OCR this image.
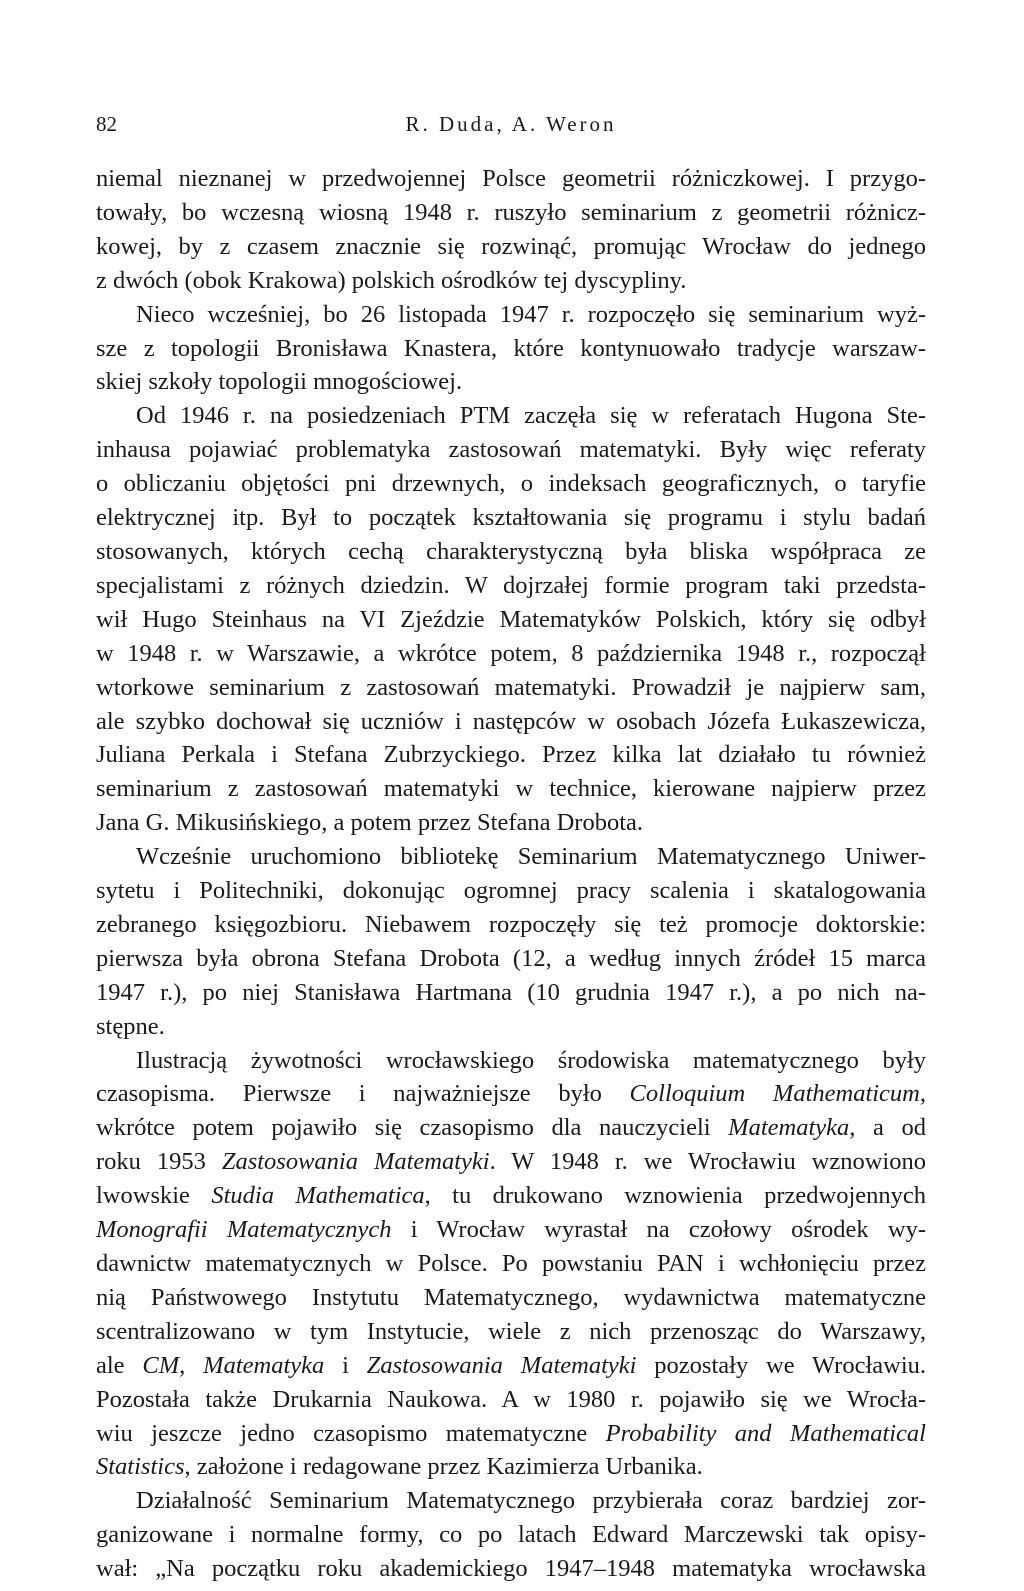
82	R. Duda, A. Weron

niemal nieznanej w przedwojennej Polsce geometrii różniczkowej. I przygo-
towały, bo wczesną wiosną 1948 r. ruszyło seminarium z geometrii różnicz-
kowej, by z czasem znacznie się rozwinąć, promując Wrocław do jednego
z dwóch (obok Krakowa) polskich ośrodków tej dyscypliny.

Nieco wcześniej, bo 26 listopada 1947 r. rozpoczęło się seminarium wyż-
sze z topologii Bronisława Knastera, które kontynuowało tradycje warszaw-
skiej szkoły topologii mnogościowej.

Od 1946 r. na posiedzeniach PTM zaczęła się w referatach Hugona Ste-
inhausa pojawiać problematyka zastosowań matematyki. Były więc referaty
o obliczaniu objętości pni drzewnych, o indeksach geograficznych, o taryfie
elektrycznej itp. Był to początek kształtowania się programu i stylu badań
stosowanych, których cechą charakterystyczną była bliska współpraca ze
specjalistami z różnych dziedzin. W dojrzałej formie program taki przedsta-
wił Hugo Steinhaus na VI Zjeździe Matematyków Polskich, który się odbył
w 1948 r. w Warszawie, a wkrótce potem, 8 października 1948 r., rozpoczął
wtorkowe seminarium z zastosowań matematyki. Prowadził je najpierw sam,
ale szybko dochował się uczniów i następców w osobach Józefa Łukaszewicza,
Juliana Perkala i Stefana Zubrzyckiego. Przez kilka lat działało tu również
seminarium z zastosowań matematyki w technice, kierowane najpierw przez
Jana G. Mikusińskiego, a potem przez Stefana Drobota.

Wcześnie uruchomiono bibliotekę Seminarium Matematycznego Uniwer-
sytetu i Politechniki, dokonując ogromnej pracy scalenia i skatalogowania
zebranego księgozbioru. Niebawem rozpoczęły się też promocje doktorskie:
pierwsza była obrona Stefana Drobota (12, a według innych źródeł 15 marca
1947 r.), po niej Stanisława Hartmana (10 grudnia 1947 r.), a po nich na-
stępne.

Ilustracją żywotności wrocławskiego środowiska matematycznego były
czasopisma. Pierwsze i najważniejsze było Colloquium Mathematicum,
wkrótce potem pojawiło się czasopismo dla nauczycieli Matematyka, a od
roku 1953 Zastosowania Matematyki. W 1948 r. we Wrocławiu wznowiono
lwowskie Studia Mathematica, tu drukowano wznowienia przedwojennych
Monografii Matematycznych i Wrocław wyrastał na czołowy ośrodek wy-
dawnictw matematycznych w Polsce. Po powstaniu PAN i wchłonięciu przez
nią Państwowego Instytutu Matematycznego, wydawnictwa matematyczne
scentralizowano w tym Instytucie, wiele z nich przenosząc do Warszawy,
ale CM, Matematyka i Zastosowania Matematyki pozostały we Wrocławiu.
Pozostała także Drukarnia Naukowa. A w 1980 r. pojawiło się we Wrocła-
wiu jeszcze jedno czasopismo matematyczne Probability and Mathematical
Statistics, założone i redagowane przez Kazimierza Urbanika.

Działalność Seminarium Matematycznego przybierała coraz bardziej zor-
ganizowane i normalne formy, co po latach Edward Marczewski tak opisy-
wał: „Na początku roku akademickiego 1947–1948 matematyka wrocławska
